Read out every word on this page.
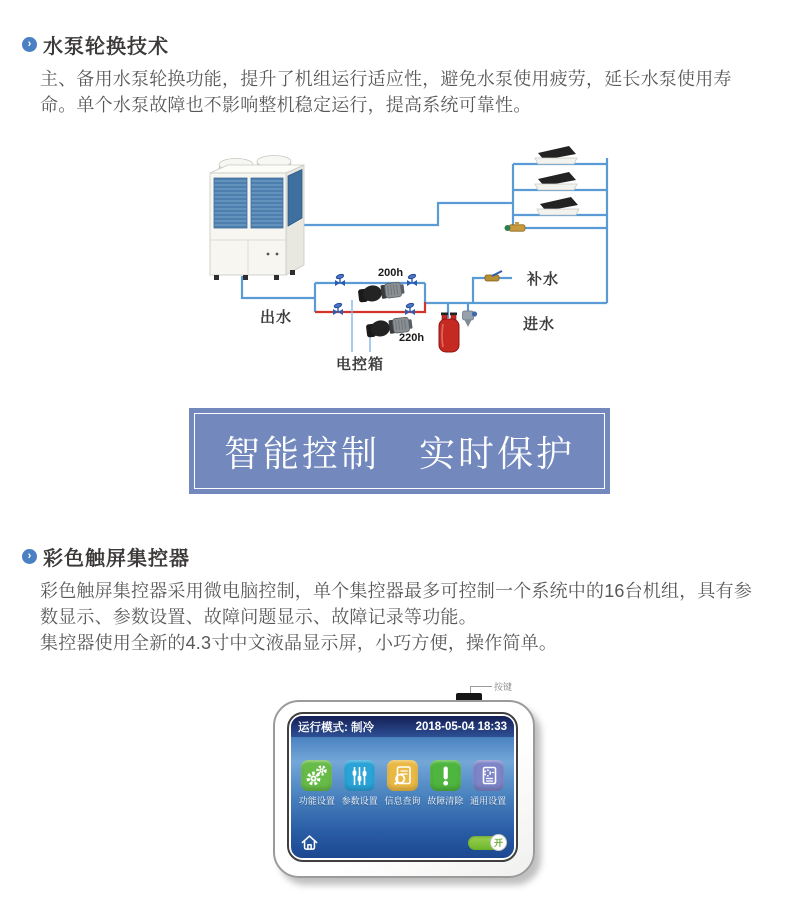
› 水泵轮换技术

主、备用水泵轮换功能，提升了机组运行适应性，避免水泵使用疲劳，延长水泵使用寿命。单个水泵故障也不影响整机稳定运行，提高系统可靠性。

200h
220h
出水	进水
补水
电控箱
智能控制　实时保护
› 彩色触屏集控器

彩色触屏集控器采用微电脑控制，单个集控器最多可控制一个系统中的16台机组，具有参数显示、参数设置、故障问题显示、故障记录等功能。

集控器使用全新的4.3寸中文液晶显示屏，小巧方便，操作简单。

按键
运行模式: 制冷	2018-05-04 18:33
功能设置 参数设置 信息查询 故障清除 通用设置
开
